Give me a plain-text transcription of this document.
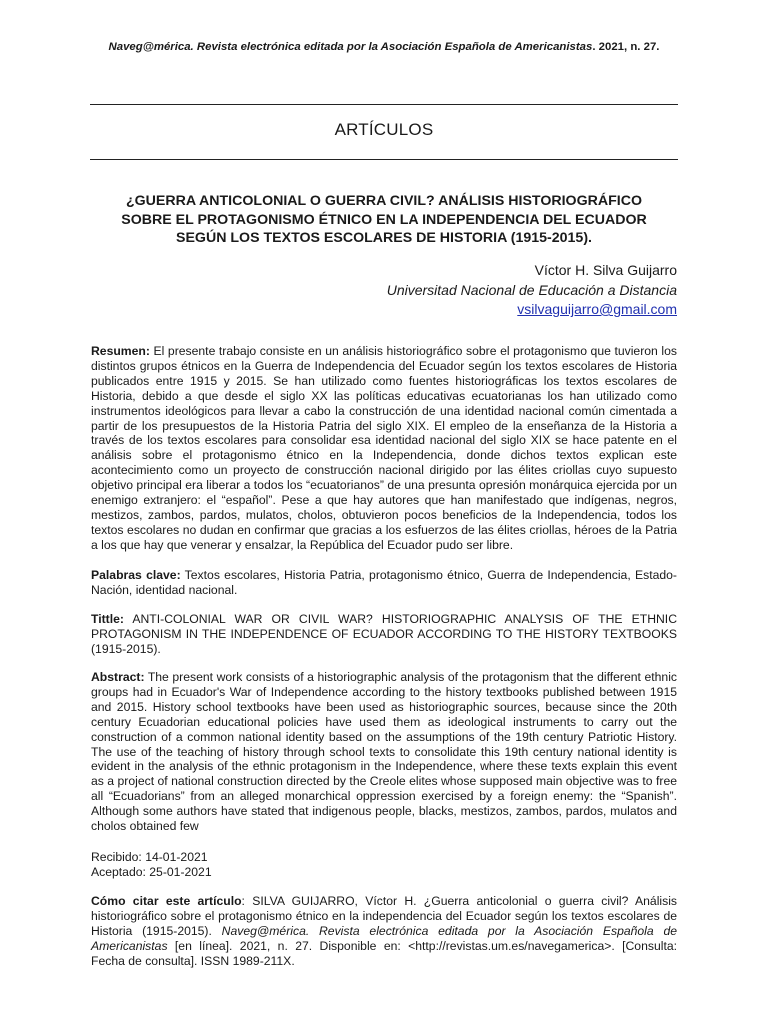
Naveg@mérica. Revista electrónica editada por la Asociación Española de Americanistas. 2021, n. 27.
ARTÍCULOS
¿GUERRA ANTICOLONIAL O GUERRA CIVIL? ANÁLISIS HISTORIOGRÁFICO
SOBRE EL PROTAGONISMO ÉTNICO EN LA INDEPENDENCIA DEL ECUADOR
SEGÚN LOS TEXTOS ESCOLARES DE HISTORIA (1915-2015).
Víctor H. Silva Guijarro
Universitad Nacional de Educación a Distancia
vsilvaguijarro@gmail.com

Resumen: El presente trabajo consiste en un análisis historiográfico sobre el protagonismo que tuvieron los distintos grupos étnicos en la Guerra de Independencia del Ecuador según los textos escolares de Historia publicados entre 1915 y 2015. Se han utilizado como fuentes historiográficas los textos escolares de Historia, debido a que desde el siglo XX las políticas educativas ecuatorianas los han utilizado como instrumentos ideológicos para llevar a cabo la construcción de una identidad nacional común cimentada a partir de los presupuestos de la Historia Patria del siglo XIX. El empleo de la enseñanza de la Historia a través de los textos escolares para consolidar esa identidad nacional del siglo XIX se hace patente en el análisis sobre el protagonismo étnico en la Independencia, donde dichos textos explican este acontecimiento como un proyecto de construcción nacional dirigido por las élites criollas cuyo supuesto objetivo principal era liberar a todos los “ecuatorianos” de una presunta opresión monárquica ejercida por un enemigo extranjero: el “español”. Pese a que hay autores que han manifestado que indígenas, negros, mestizos, zambos, pardos, mulatos, cholos, obtuvieron pocos beneficios de la Independencia, todos los textos escolares no dudan en confirmar que gracias a los esfuerzos de las élites criollas, héroes de la Patria a los que hay que venerar y ensalzar, la República del Ecuador pudo ser libre.

Palabras clave: Textos escolares, Historia Patria, protagonismo étnico, Guerra de Independencia, Estado-Nación, identidad nacional.

Tittle: ANTI-COLONIAL WAR OR CIVIL WAR? HISTORIOGRAPHIC ANALYSIS OF THE ETHNIC PROTAGONISM IN THE INDEPENDENCE OF ECUADOR ACCORDING TO THE HISTORY TEXTBOOKS (1915-2015).

Abstract: The present work consists of a historiographic analysis of the protagonism that the different ethnic groups had in Ecuador's War of Independence according to the history textbooks published between 1915 and 2015. History school textbooks have been used as historiographic sources, because since the 20th century Ecuadorian educational policies have used them as ideological instruments to carry out the construction of a common national identity based on the assumptions of the 19th century Patriotic History. The use of the teaching of history through school texts to consolidate this 19th century national identity is evident in the analysis of the ethnic protagonism in the Independence, where these texts explain this event as a project of national construction directed by the Creole elites whose supposed main objective was to free all “Ecuadorians” from an alleged monarchical oppression exercised by a foreign enemy: the “Spanish”. Although some authors have stated that indigenous people, blacks, mestizos, zambos, pardos, mulatos and cholos obtained few

Recibido: 14-01-2021
Aceptado: 25-01-2021

Cómo citar este artículo: SILVA GUIJARRO, Víctor H. ¿Guerra anticolonial o guerra civil? Análisis historiográfico sobre el protagonismo étnico en la independencia del Ecuador según los textos escolares de Historia (1915-2015). Naveg@mérica. Revista electrónica editada por la Asociación Española de Americanistas [en línea]. 2021, n. 27. Disponible en: <http://revistas.um.es/navegamerica>. [Consulta: Fecha de consulta]. ISSN 1989-211X.
